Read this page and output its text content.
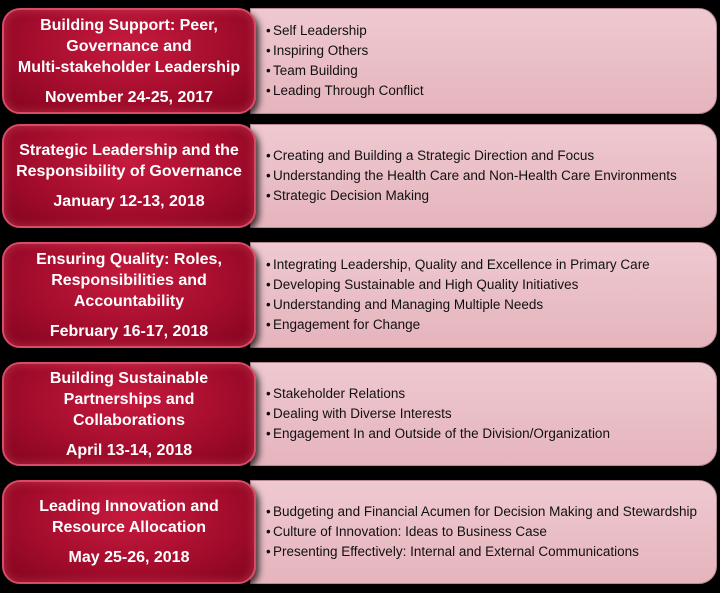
• Self Leadership
• Inspiring Others
• Team Building
• Leading Through Conflict
Building Support: Peer,
Governance and
Multi-stakeholder Leadership
November 24-25, 2017
• Creating and Building a Strategic Direction and Focus
• Understanding the Health Care and Non-Health Care Environments
• Strategic Decision Making
Strategic Leadership and the
Responsibility of Governance
January 12-13, 2018
• Integrating Leadership, Quality and Excellence in Primary Care
• Developing Sustainable and High Quality Initiatives
• Understanding and Managing Multiple Needs
• Engagement for Change
Ensuring Quality: Roles,
Responsibilities and
Accountability
February 16-17, 2018
• Stakeholder Relations
• Dealing with Diverse Interests
• Engagement In and Outside of the Division/Organization
Building Sustainable
Partnerships and
Collaborations
April 13-14, 2018
• Budgeting and Financial Acumen for Decision Making and Stewardship
• Culture of Innovation: Ideas to Business Case
• Presenting Effectively: Internal and External Communications
Leading Innovation and
Resource Allocation
May 25-26, 2018
